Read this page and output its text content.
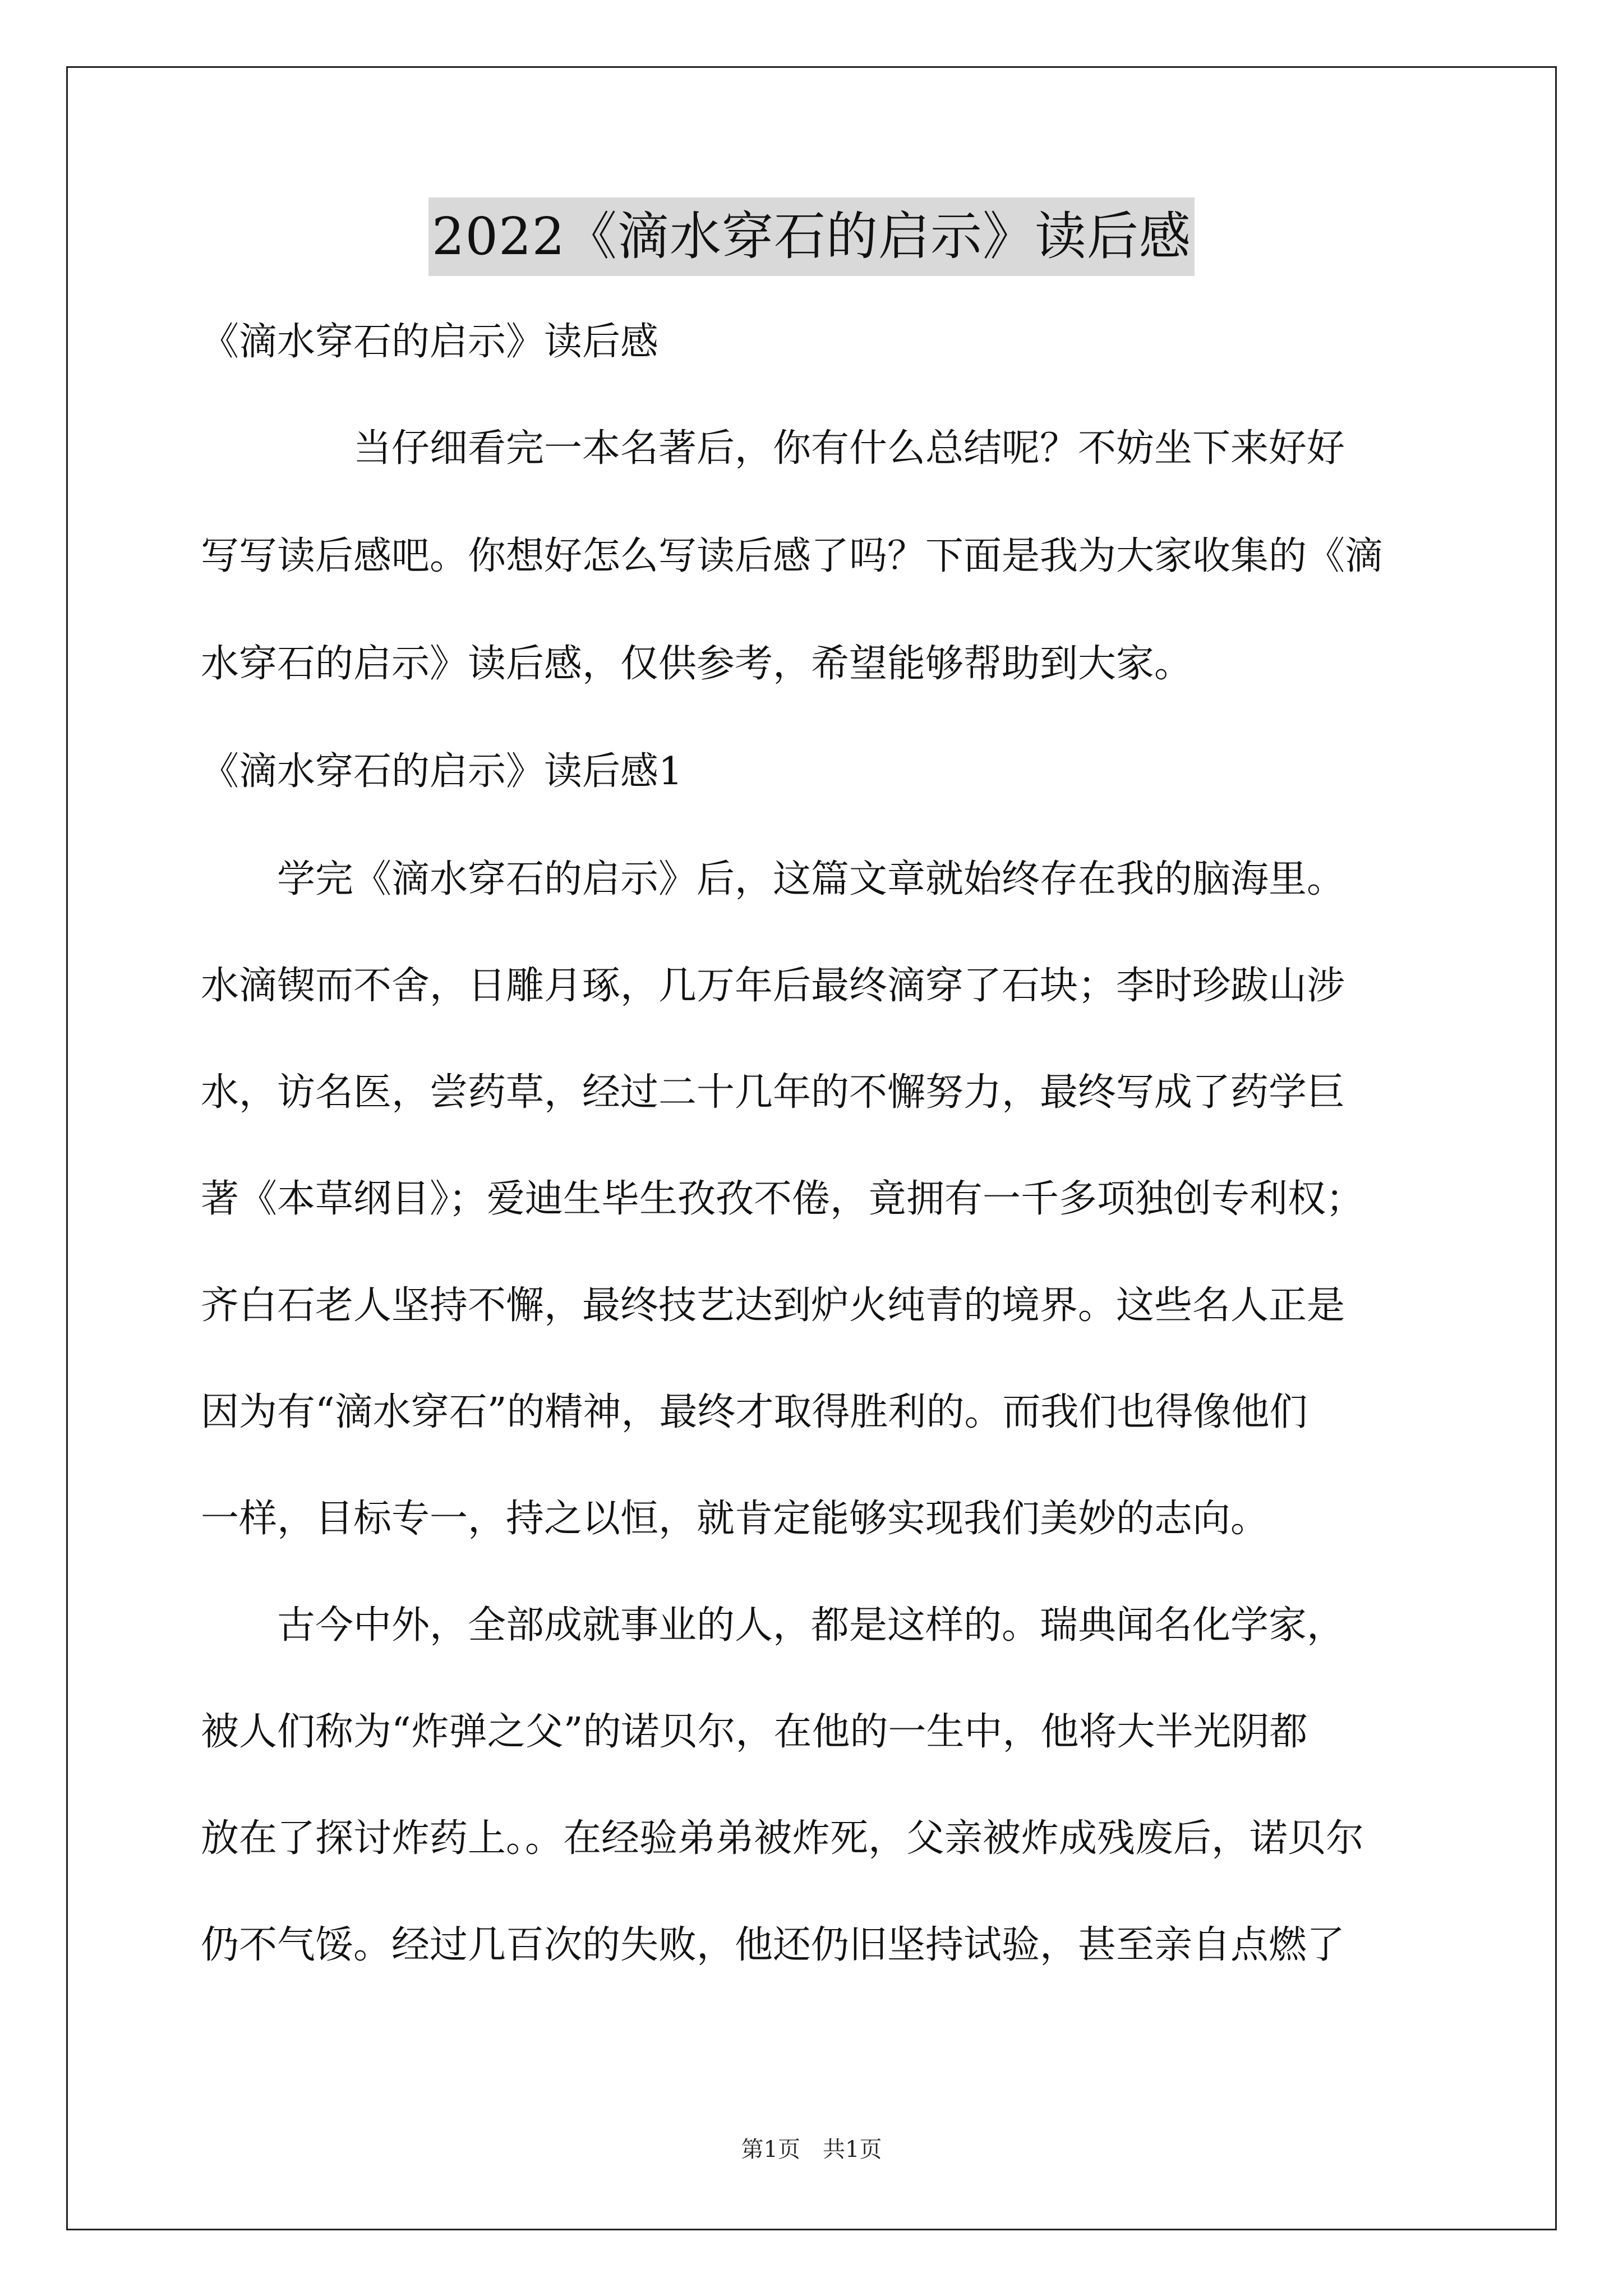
2022《滴水穿石的启示》读后感
《滴水穿石的启示》读后感
　　　　当仔细看完一本名著后，你有什么总结呢？不妨坐下来好好
写写读后感吧。你想好怎么写读后感了吗？下面是我为大家收集的《滴
水穿石的启示》读后感，仅供参考，希望能够帮助到大家。
《滴水穿石的启示》读后感1
　　学完《滴水穿石的启示》后，这篇文章就始终存在我的脑海里。
水滴锲而不舍，日雕月琢，几万年后最终滴穿了石块；李时珍跋山涉
水，访名医，尝药草，经过二十几年的不懈努力，最终写成了药学巨
著《本草纲目》；爱迪生毕生孜孜不倦，竟拥有一千多项独创专利权；
齐白石老人坚持不懈，最终技艺达到炉火纯青的境界。这些名人正是
因为有“滴水穿石”的精神，最终才取得胜利的。而我们也得像他们
一样，目标专一，持之以恒，就肯定能够实现我们美妙的志向。
　　古今中外，全部成就事业的人，都是这样的。瑞典闻名化学家，
被人们称为“炸弹之父”的诺贝尔，在他的一生中，他将大半光阴都
放在了探讨炸药上。。在经验弟弟被炸死，父亲被炸成残废后，诺贝尔
仍不气馁。经过几百次的失败，他还仍旧坚持试验，甚至亲自点燃了
第1页　共1页
